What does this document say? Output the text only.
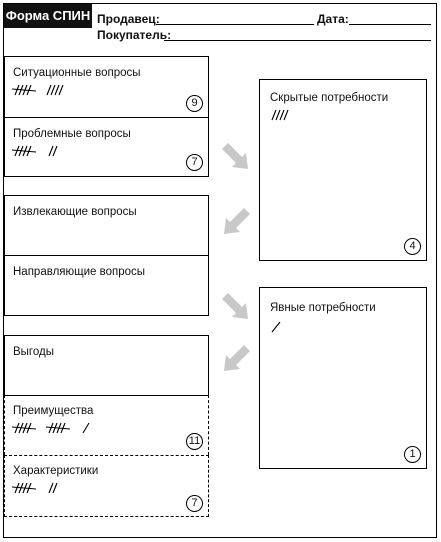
Форма СПИН Продавец:	Дата:
Покупатель:
Ситуационные вопросы
9
Проблемные вопросы
7
Извлекающие вопросы
Направляющие вопросы
Выгоды
Преимущества
11
Характеристики
7
Скрытые потребности
4
Явные потребности
1
